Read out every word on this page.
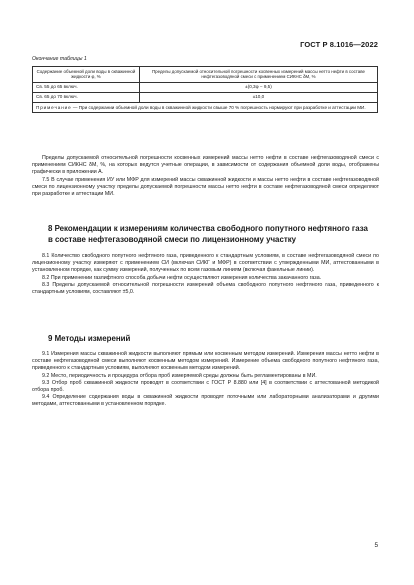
ГОСТ Р 8.1016—2022
Окончание таблицы 1
Содержание объемной доли воды в скважинной жидкости φ, %	Пределы допускаемой относительной погрешности косвенных измерений массы нетто нефти в составе нефтегазоводяной смеси с применением СИКНС δМ, %
Св. 55 до 65 включ.	±(0,3φ − 9,5)
Св. 65 до 70 включ.	±10,0
Примечание — При содержании объемной доли воды в скважинной жидкости свыше 70 % погрешность нормируют при разработке и аттестации МИ.	

Пределы допускаемой относительной погрешности косвенных измерений массы нетто нефти в составе нефтегазоводяной смеси с применением СИКНС δМ, %, на которых ведутся учетные операции, в зависимости от содержания объемной доли воды, отображены графически в приложении А.

7.5 В случае применения ИУ или МФР для измерений массы скважинной жидкости и массы нетто нефти в составе нефтегазоводяной смеси по лицензионному участку пределы допускаемой погрешности массы нетто нефти в составе нефтегазоводяной смеси определяют при разработке и аттестации МИ.

8 Рекомендации к измерениям количества свободного попутного нефтяного газа в составе нефтегазоводяной смеси по лицензионному участку

8.1 Количество свободного попутного нефтяного газа, приведенного к стандартным условиям, в составе нефтегазоводяной смеси по лицензионному участку измеряют с применением СИ (включая СИКГ и МФР) в соответствии с утвержденными МИ, аттестованными в установленном порядке, как сумму измерений, полученных по всем газовым линиям (включая факельные линии).

8.2 При применении газлифтного способа добычи нефти осуществляют измерения количества закачанного газа.

8.3 Пределы допускаемой относительной погрешности измерений объема свободного попутного нефтяного газа, приведенного к стандартным условиям, составляют ±5,0.

9 Методы измерений

9.1 Измерения массы скважинной жидкости выполняют прямым или косвенным методом измерений. Измерения массы нетто нефти в составе нефтегазоводяной смеси выполняют косвенным методом измерений. Измерение объема свободного попутного нефтяного газа, приведенного к стандартным условиям, выполняют косвенным методом измерений.

9.2 Место, периодичность и процедура отбора проб измеряемой среды должны быть регламентированы в МИ.

9.3 Отбор проб скважинной жидкости проводят в соответствии с ГОСТ Р 8.880 или [4] в соответствии с аттестованной методикой отбора проб.

9.4 Определение содержания воды в скважинной жидкости проводят поточными или лабораторными анализаторами и другими методами, аттестованными в установленном порядке.

5
